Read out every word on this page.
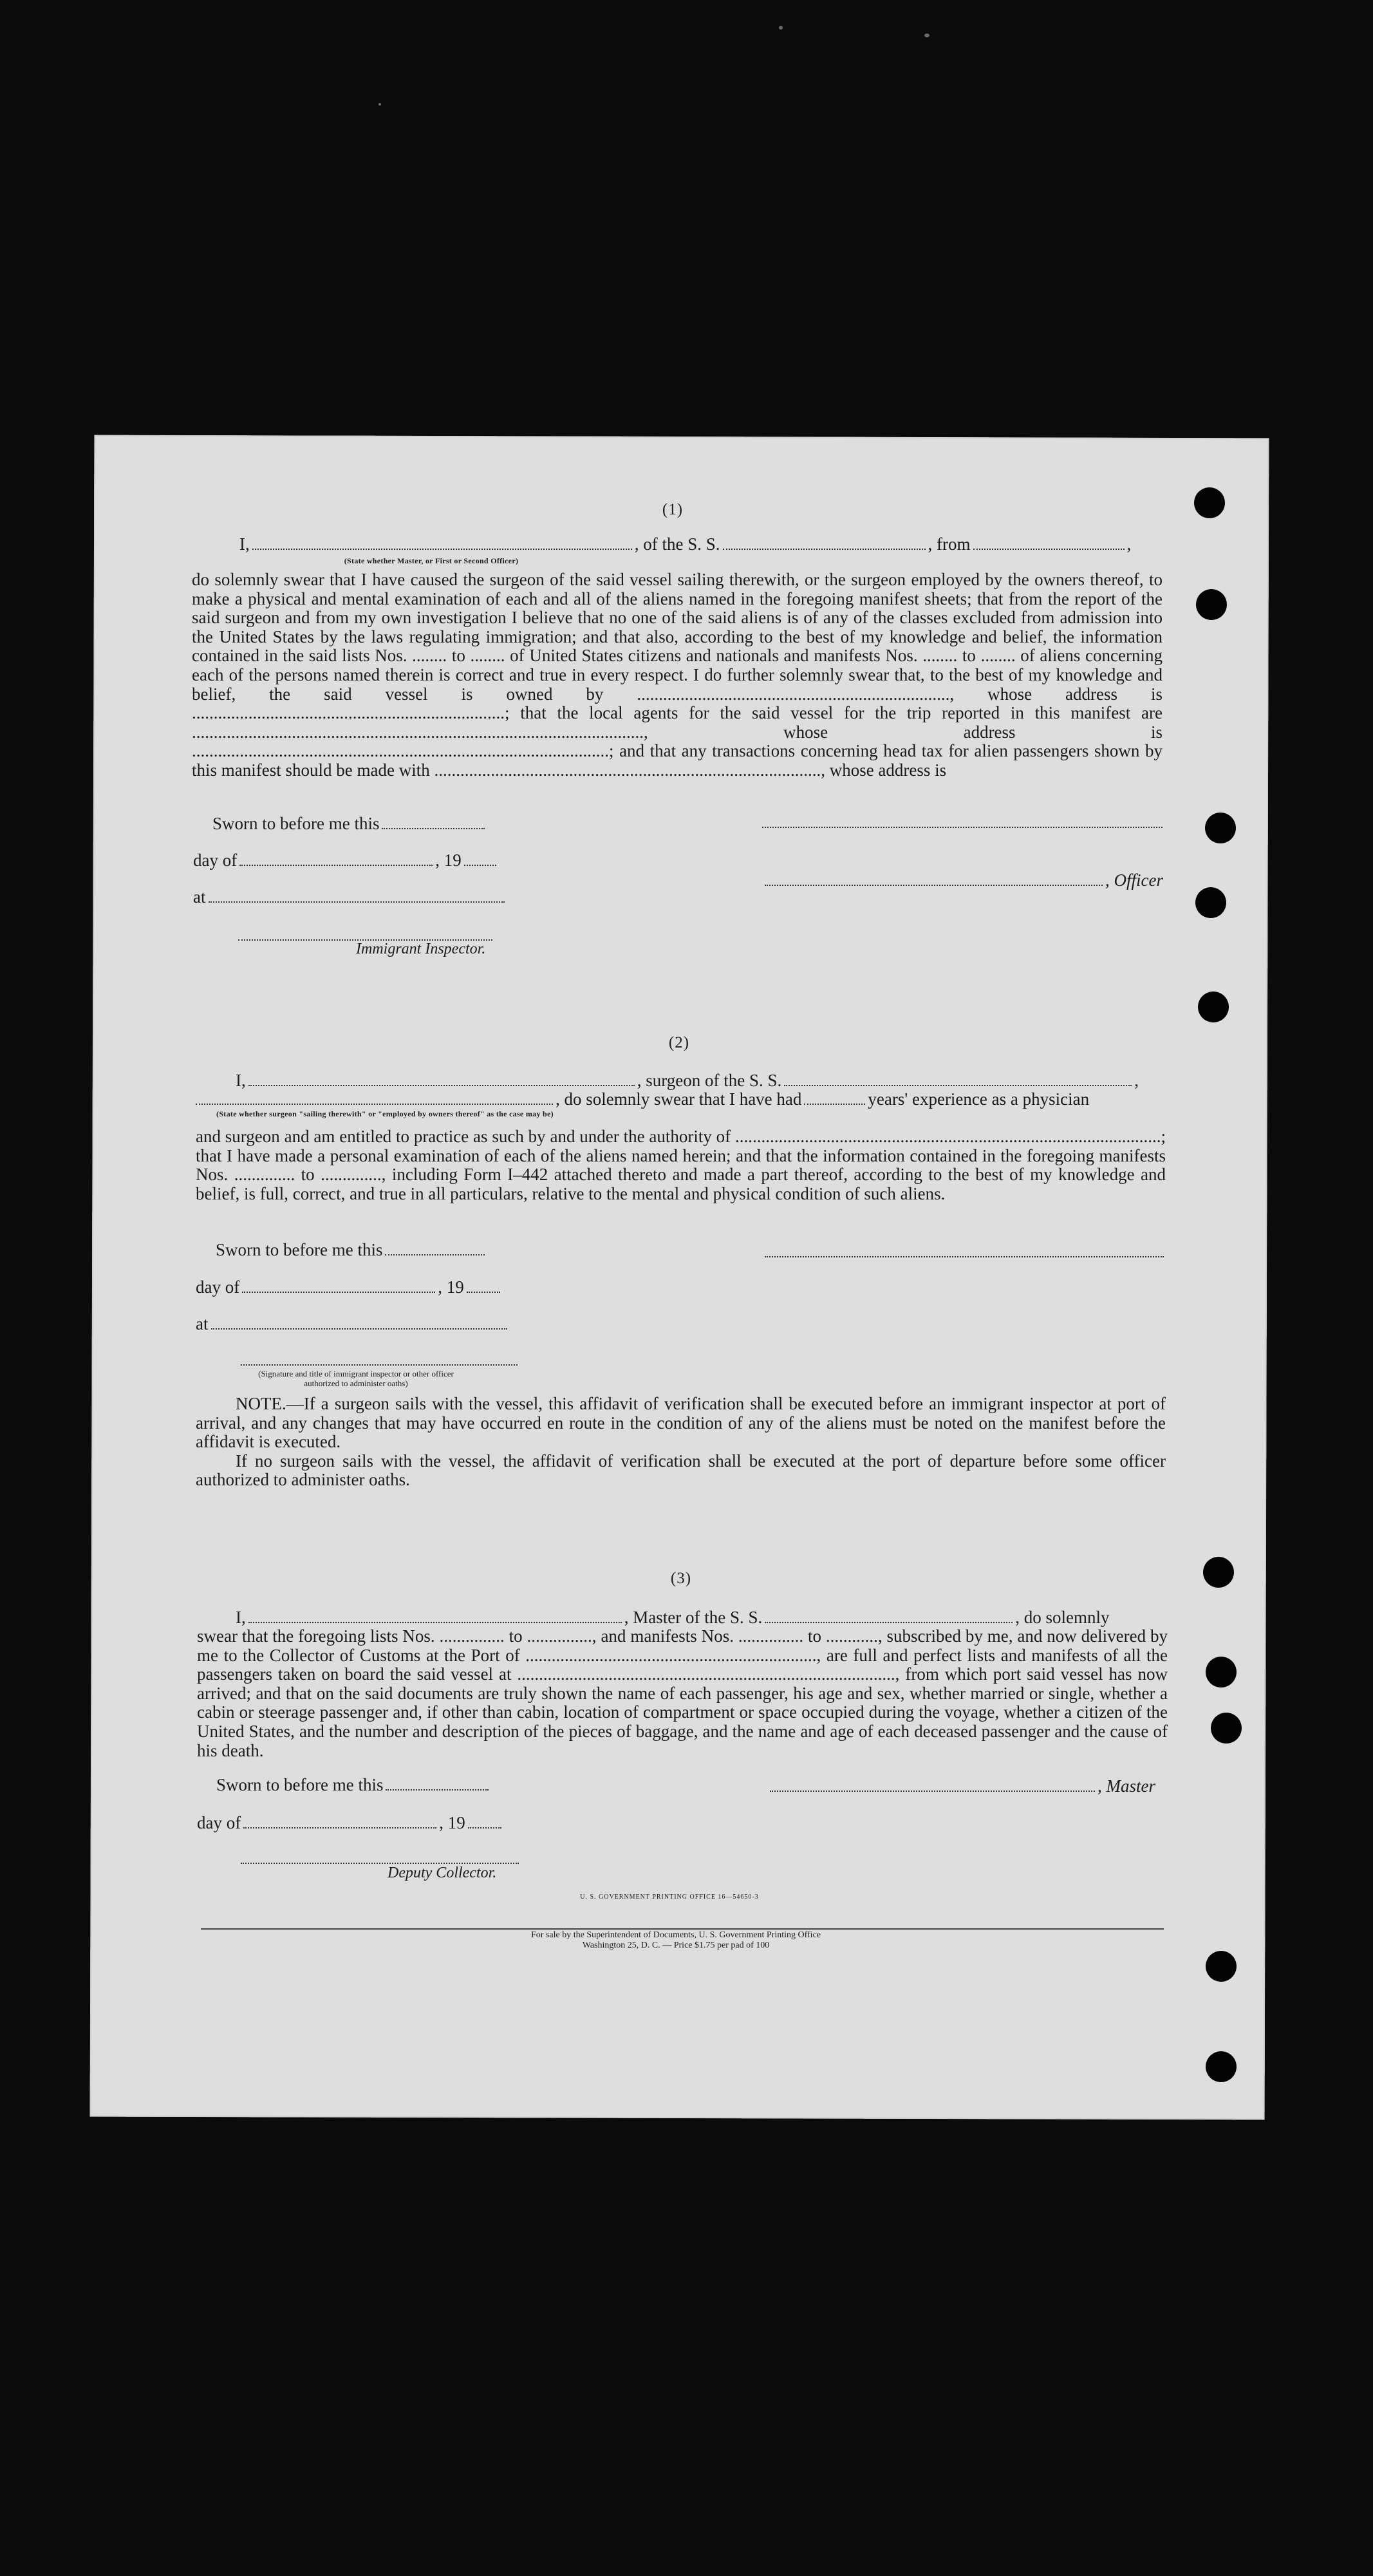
(1)
I,	, of the S. S.	, from	,
(State whether Master, or First or Second Officer)

do solemnly swear that I have caused the surgeon of the said vessel sailing therewith, or the surgeon employed by the owners thereof, to make a physical and mental examination of each and all of the aliens named in the foregoing manifest sheets; that from the report of the said surgeon and from my own investigation I believe that no one of the said aliens is of any of the classes excluded from admission into the United States by the laws regulating immigration; and that also, according to the best of my knowledge and belief, the information contained in the said lists Nos. ........ to ........ of United States citizens and nationals and manifests Nos. ........ to ........ of aliens concerning each of the persons named therein is correct and true in every respect. I do further solemnly swear that, to the best of my knowledge and belief, the said vessel is owned by ........................................................................, whose address is ........................................................................; that the local agents for the said vessel for the trip reported in this manifest are ........................................................................................................, whose address is ................................................................................................; and that any transactions concerning head tax for alien passengers shown by this manifest should be made with ........................................................................................., whose address is

Sworn to before me this
day of	, 19
, Officer
at
Immigrant Inspector.
(2)
I,	, surgeon of the S. S.	,
, do solemnly swear that I have had	years' experience as a physician
(State whether surgeon "sailing therewith" or "employed by owners thereof" as the case may be)

and surgeon and am entitled to practice as such by and under the authority of ..................................................................................................; that I have made a personal examination of each of the aliens named herein; and that the information contained in the foregoing manifests Nos. .............. to .............., including Form I–442 attached thereto and made a part thereof, according to the best of my knowledge and belief, is full, correct, and true in all particulars, relative to the mental and physical condition of such aliens.

Sworn to before me this
day of	, 19
at
(Signature and title of immigrant inspector or other officer authorized to administer oaths)

NOTE.—If a surgeon sails with the vessel, this affidavit of verification shall be executed before an immigrant inspector at port of arrival, and any changes that may have occurred en route in the condition of any of the aliens must be noted on the manifest before the affidavit is executed.

If no surgeon sails with the vessel, the affidavit of verification shall be executed at the port of departure before some officer authorized to administer oaths.

(3)
I,	, Master of the S. S.	, do solemnly

swear that the foregoing lists Nos. ............... to ..............., and manifests Nos. ............... to ............, subscribed by me, and now delivered by me to the Collector of Customs at the Port of ..................................................................., are full and perfect lists and manifests of all the passengers taken on board the said vessel at ......................................................................................., from which port said vessel has now arrived; and that on the said documents are truly shown the name of each passenger, his age and sex, whether married or single, whether a cabin or steerage passenger and, if other than cabin, location of compartment or space occupied during the voyage, whether a citizen of the United States, and the number and description of the pieces of baggage, and the name and age of each deceased passenger and the cause of his death.

Sworn to before me this	, Master
day of	, 19
Deputy Collector.
U. S. GOVERNMENT PRINTING OFFICE 16—54650-3
For sale by the Superintendent of Documents, U. S. Government Printing Office
Washington 25, D. C. — Price $1.75 per pad of 100
